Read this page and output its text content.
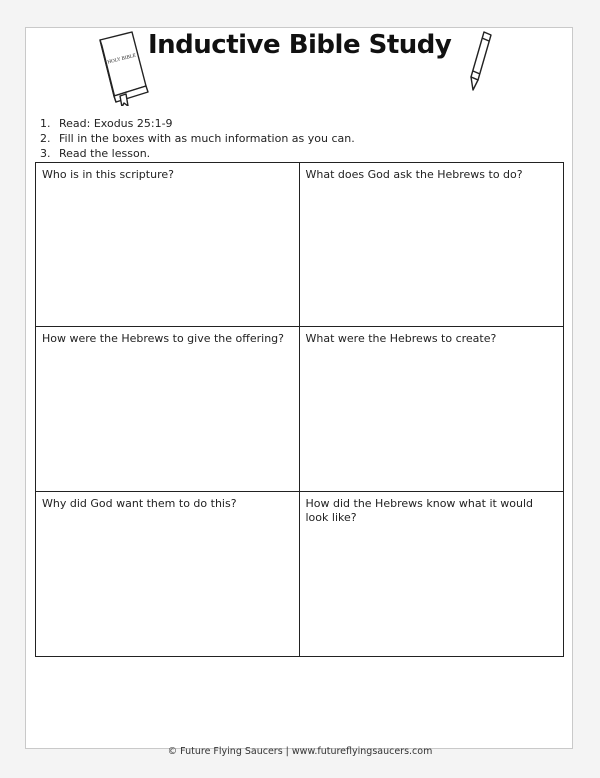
HOLY BIBLE Inductive Bible Study
1. Read: Exodus 25:1-9
2. Fill in the boxes with as much information as you can.
3. Read the lesson.
Who is in this scripture?	What does God ask the Hebrews to do?
How were the Hebrews to give the offering?	What were the Hebrews to create?
Why did God want them to do this?	How did the Hebrews know what it would look like?
© Future Flying Saucers | www.futureflyingsaucers.com
